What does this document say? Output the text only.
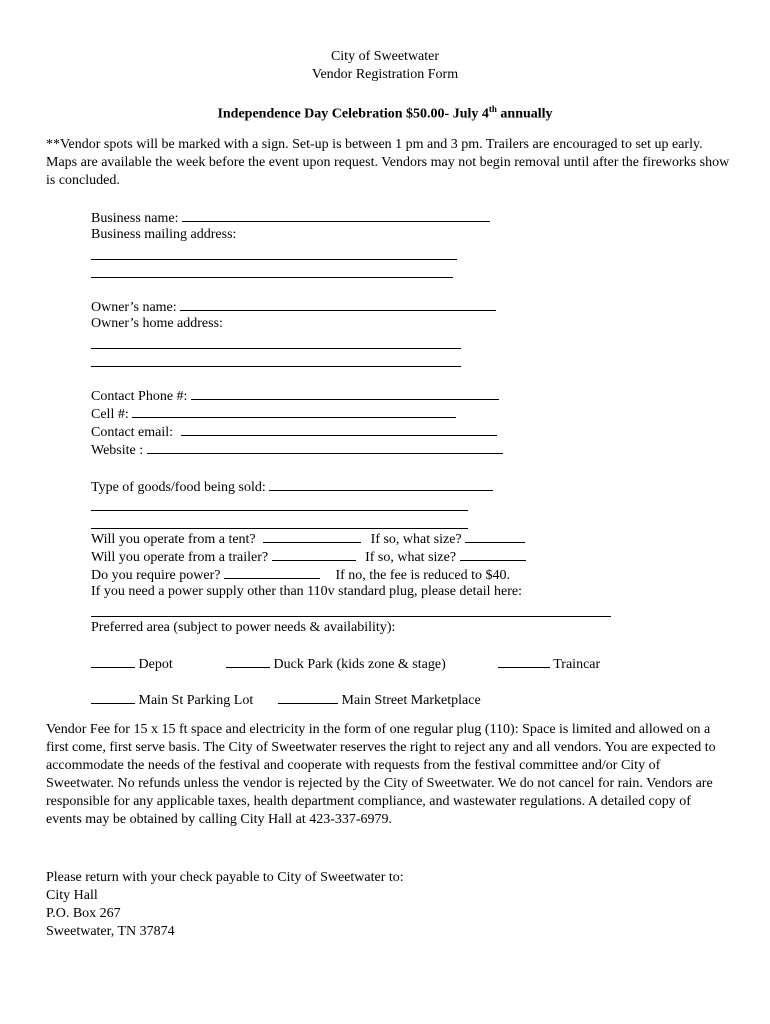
City of Sweetwater
Vendor Registration Form
Independence Day Celebration $50.00- July 4th annually

**Vendor spots will be marked with a sign. Set-up is between 1 pm and 3 pm. Trailers are encouraged to set up early. Maps are available the week before the event upon request. Vendors may not begin removal until after the fireworks show is concluded.

Business name:
Business mailing address:
Owner’s name:
Owner’s home address:
Contact Phone #:
Cell #:
Contact email:
Website :
Type of goods/food being sold:
Will you operate from a tent?	If so, what size?
Will you operate from a trailer?	If so, what size?
Do you require power?	If no, the fee is reduced to $40.
If you need a power supply other than 110v standard plug, please detail here:
Preferred area (subject to power needs & availability):
Depot	Duck Park (kids zone & stage)	Traincar
Main St Parking Lot	Main Street Marketplace

Vendor Fee for 15 x 15 ft space and electricity in the form of one regular plug (110): Space is limited and allowed on a first come, first serve basis. The City of Sweetwater reserves the right to reject any and all vendors. You are expected to accommodate the needs of the festival and cooperate with requests from the festival committee and/or City of Sweetwater. No refunds unless the vendor is rejected by the City of Sweetwater. We do not cancel for rain. Vendors are responsible for any applicable taxes, health department compliance, and wastewater regulations. A detailed copy of events may be obtained by calling City Hall at 423-337-6979.

Please return with your check payable to City of Sweetwater to:
City Hall
P.O. Box 267
Sweetwater, TN 37874
